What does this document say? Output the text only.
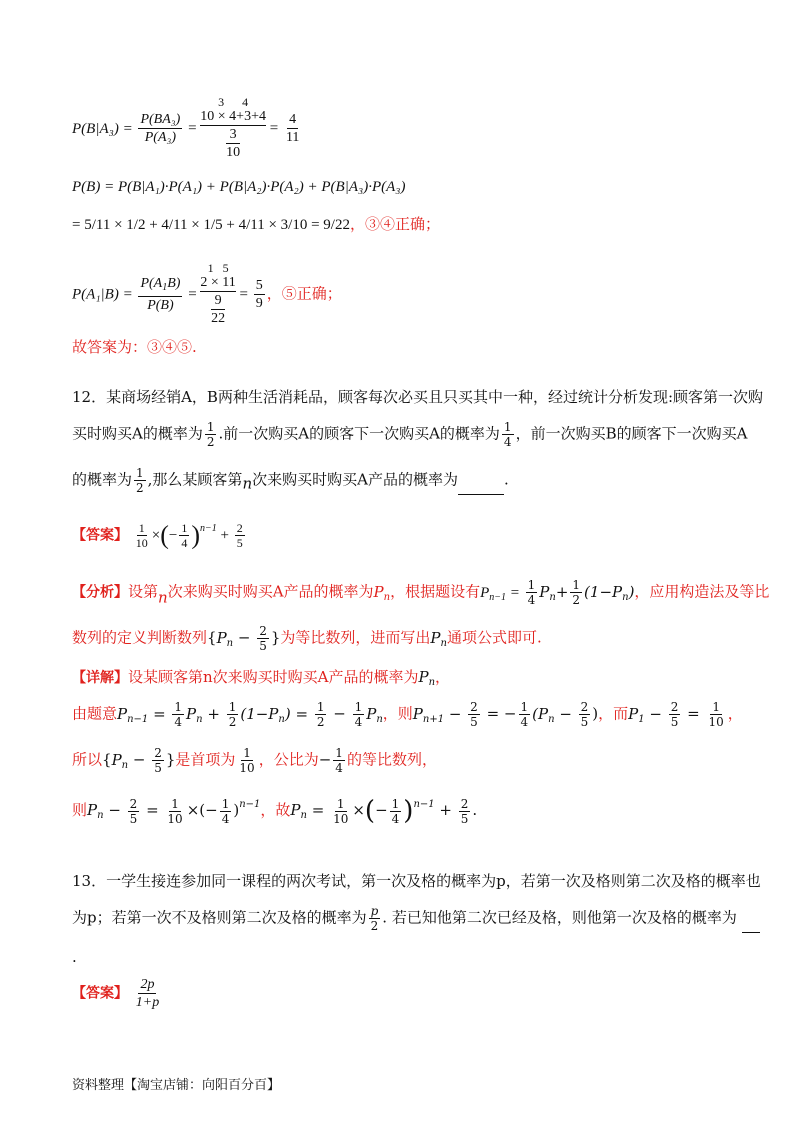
$P(B|A_3) = \frac{\text{P(BA₃)}}{\text{P(A₃)}}$ =
3 4
10 × 4+3+4
3
10
= $\frac{4}{11}$
P(B) = P(B|A₁)·P(A₁) + P(B|A₂)·P(A₂) + P(B|A₃)·P(A₃)
= 5/11 × 1/2 + 4/11 × 1/5 + 4/11 × 3/10 = 9/22，③④正确；
$P(A_1|B) = \frac{P(A_1B)}{P(B)}$ =
1   5
2 × 11
9
22
= $\frac{5}{9}$ ，⑤正确；
故答案为：③④⑤.
12．某商场经销A，B两种生活消耗品，顾客每次必买且只买其中一种，经过统计分析发现:顾客第一次购
买时购买A的概率为 $\frac{1}{2}$ .前一次购买A的顾客下一次购买A的概率为 $\frac{1}{4}$ ，前一次购买B的顾客下一次购买A
的概率为 $\frac{1}{2}$ ,那么某顾客第n次来购买时购买A产品的概率为	.
【答案】 $\frac{1}{10}$ ×(− $\frac{1}{4} )^{n-1} + \frac{2}{5}$
【分析】设第n次来购买时购买A产品的概率为$P_n$，根据题设有$P_{n-1} = \frac{1}{4} P_n+ \frac{1}{2} (1-P_n)$，应用构造法及等比
数列的定义判断数列{$P_n - \frac{2}{5}$ }为等比数列，进而写出$P_n$通项公式即可.
【详解】设某顾客第n次来购买时购买A产品的概率为$P_n$，
由题意$P_{n-1} = \frac{1}{4} P_n + \frac{1}{2} (1-P_n) = \frac{1}{2} - \frac{1}{4} P_n$，则$P_{n+1} - \frac{2}{5}$ = − $\frac{1}{4} (P_n - \frac{2}{5}$ )，而$P_1 - \frac{2}{5} = \frac{1}{10}$ ，
所以{$P_n - \frac{2}{5}$ }是首项为 $\frac{1}{10}$ ，公比为− $\frac{1}{4}$ 的等比数列，
则$P_n - \frac{2}{5} = \frac{1}{10}$ ×(− $\frac{1}{4} )^{n-1}$，故$P_n = \frac{1}{10}$ ×(− $\frac{1}{4} )^{n-1} + \frac{2}{5}$ .
13．一学生接连参加同一课程的两次考试，第一次及格的概率为p，若第一次及格则第二次及格的概率也
为p；若第一次不及格则第二次及格的概率为 $\frac{p}{2}$ . 若已知他第二次已经及格，则他第一次及格的概率为
.
【答案】 $\frac{2p}{1+p}$
资料整理【淘宝店铺：向阳百分百】
